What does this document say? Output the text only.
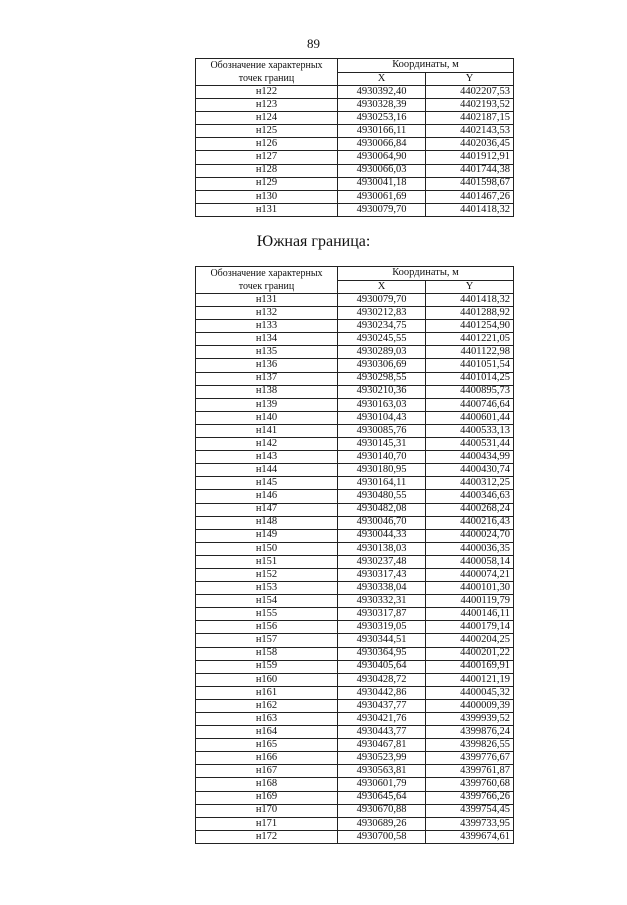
89
Обозначение характерных точек границ	Координаты, м	
	X	Y
н122	4930392,40	4402207,53
н123	4930328,39	4402193,52
н124	4930253,16	4402187,15
н125	4930166,11	4402143,53
н126	4930066,84	4402036,45
н127	4930064,90	4401912,91
н128	4930066,03	4401744,38
н129	4930041,18	4401598,67
н130	4930061,69	4401467,26
н131	4930079,70	4401418,32
Южная граница:
Обозначение характерных точек границ	Координаты, м	
	X	Y
н131	4930079,70	4401418,32
н132	4930212,83	4401288,92
н133	4930234,75	4401254,90
н134	4930245,55	4401221,05
н135	4930289,03	4401122,98
н136	4930306,69	4401051,54
н137	4930298,55	4401014,25
н138	4930210,36	4400895,73
н139	4930163,03	4400746,64
н140	4930104,43	4400601,44
н141	4930085,76	4400533,13
н142	4930145,31	4400531,44
н143	4930140,70	4400434,99
н144	4930180,95	4400430,74
н145	4930164,11	4400312,25
н146	4930480,55	4400346,63
н147	4930482,08	4400268,24
н148	4930046,70	4400216,43
н149	4930044,33	4400024,70
н150	4930138,03	4400036,35
н151	4930237,48	4400058,14
н152	4930317,43	4400074,21
н153	4930338,04	4400101,30
н154	4930332,31	4400119,79
н155	4930317,87	4400146,11
н156	4930319,05	4400179,14
н157	4930344,51	4400204,25
н158	4930364,95	4400201,22
н159	4930405,64	4400169,91
н160	4930428,72	4400121,19
н161	4930442,86	4400045,32
н162	4930437,77	4400009,39
н163	4930421,76	4399939,52
н164	4930443,77	4399876,24
н165	4930467,81	4399826,55
н166	4930523,99	4399776,67
н167	4930563,81	4399761,87
н168	4930601,79	4399760,68
н169	4930645,64	4399766,26
н170	4930670,88	4399754,45
н171	4930689,26	4399733,95
н172	4930700,58	4399674,61
